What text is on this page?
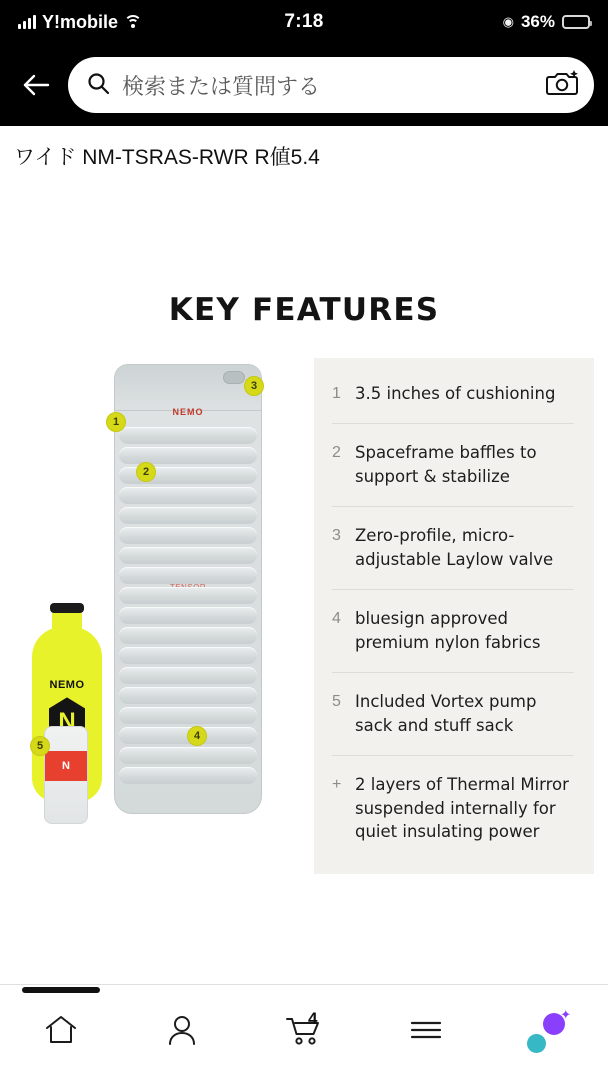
Y!mobile	7:18	◉ 36%
検索または質問する
ワイド NM-TSRAS-RWR R値5.4
KEY FEATURES
NEMO
NEMO
N
N
1
2
3
4
5
1 3.5 inches of cushioning
2 Spaceframe baffles to support & stabilize
3 Zero-profile, micro-adjustable Laylow valve
4 bluesign approved premium nylon fabrics
5 Included Vortex pump sack and stuff sack
+ 2 layers of Thermal Mirror suspended internally for quiet insulating power
4	✦
